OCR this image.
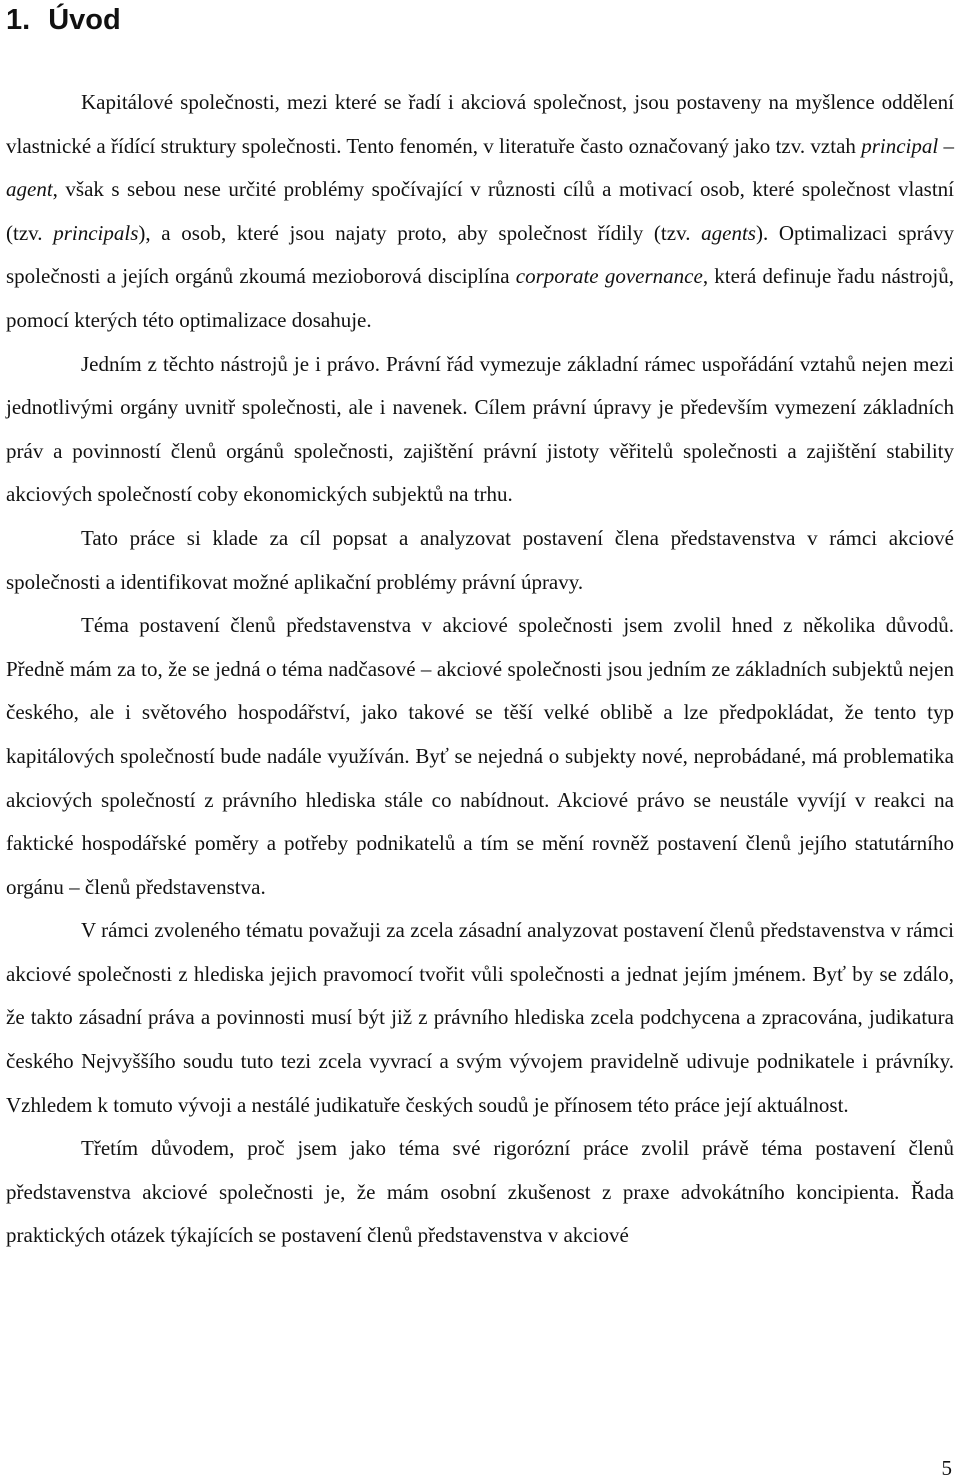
1. Úvod

Kapitálové společnosti, mezi které se řadí i akciová společnost, jsou postaveny na myšlence oddělení vlastnické a řídící struktury společnosti. Tento fenomén, v literatuře často označovaný jako tzv. vztah principal – agent, však s sebou nese určité problémy spočívající v různosti cílů a motivací osob, které společnost vlastní (tzv. principals), a osob, které jsou najaty proto, aby společnost řídily (tzv. agents). Optimalizaci správy společnosti a jejích orgánů zkoumá mezioborová disciplína corporate governance, která definuje řadu nástrojů, pomocí kterých této optimalizace dosahuje.

Jedním z těchto nástrojů je i právo. Právní řád vymezuje základní rámec uspořádání vztahů nejen mezi jednotlivými orgány uvnitř společnosti, ale i navenek. Cílem právní úpravy je především vymezení základních práv a povinností členů orgánů společnosti, zajištění právní jistoty věřitelů společnosti a zajištění stability akciových společností coby ekonomických subjektů na trhu.

Tato práce si klade za cíl popsat a analyzovat postavení člena představenstva v rámci akciové společnosti a identifikovat možné aplikační problémy právní úpravy.

Téma postavení členů představenstva v akciové společnosti jsem zvolil hned z několika důvodů. Předně mám za to, že se jedná o téma nadčasové – akciové společnosti jsou jedním ze základních subjektů nejen českého, ale i světového hospodářství, jako takové se těší velké oblibě a lze předpokládat, že tento typ kapitálových společností bude nadále využíván. Byť se nejedná o subjekty nové, neprobádané, má problematika akciových společností z právního hlediska stále co nabídnout. Akciové právo se neustále vyvíjí v reakci na faktické hospodářské poměry a potřeby podnikatelů a tím se mění rovněž postavení členů jejího statutárního orgánu – členů představenstva.

V rámci zvoleného tématu považuji za zcela zásadní analyzovat postavení členů představenstva v rámci akciové společnosti z hlediska jejich pravomocí tvořit vůli společnosti a jednat jejím jménem. Byť by se zdálo, že takto zásadní práva a povinnosti musí být již z právního hlediska zcela podchycena a zpracována, judikatura českého Nejvyššího soudu tuto tezi zcela vyvrací a svým vývojem pravidelně udivuje podnikatele i právníky. Vzhledem k tomuto vývoji a nestálé judikatuře českých soudů je přínosem této práce její aktuálnost.

Třetím důvodem, proč jsem jako téma své rigorózní práce zvolil právě téma postavení členů představenstva akciové společnosti je, že mám osobní zkušenost z praxe advokátního koncipienta. Řada praktických otázek týkajících se postavení členů představenstva v akciové

5
